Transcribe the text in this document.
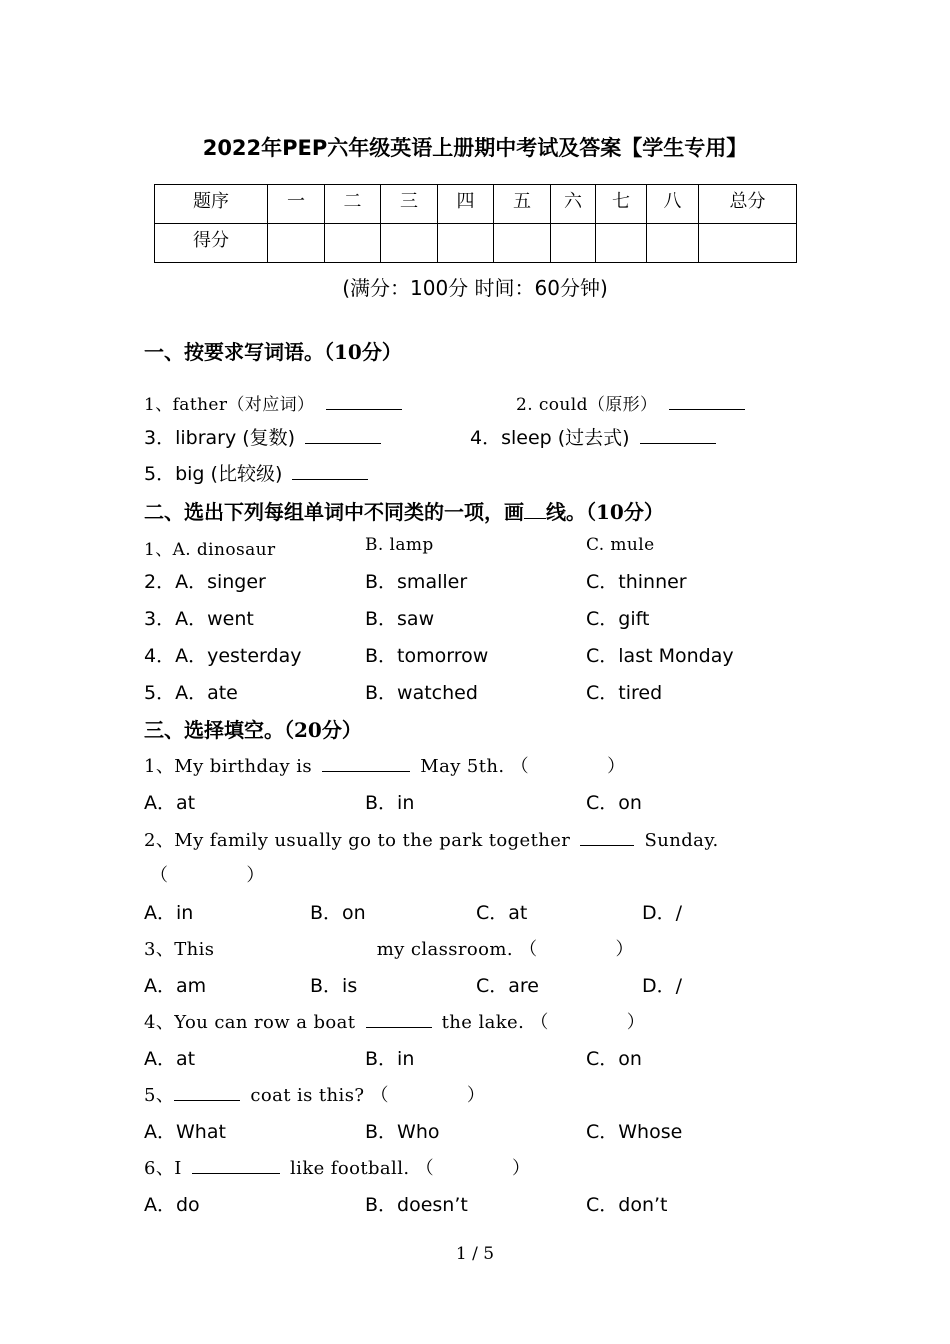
2022年PEP六年级英语上册期中考试及答案【学生专用】
题序	一	二	三	四	五	六	七	八	总分
得分									
(满分：100分 时间：60分钟)
一、按要求写词语。（10分）
1、father（对应词）	2. could（原形）
3．library (复数)	4．sleep (过去式)
5．big (比较级)
二、选出下列每组单词中不同类的一项，画 线。（10分）
1、A. dinosaur	B. lamp	C. mule
2．A．singer	B．smaller	C．thinner
3．A．went	B．saw	C．gift
4．A．yesterday	B．tomorrow	C．last Monday
5．A．ate	B．watched	C．tired
三、选择填空。（20分）
1、My birthday is	May 5th. （	）
A．at	B．in	C．on
2、My family usually go to the park together	Sunday.
（	）
A．in	B．on	C．at	D．/
3、This	my classroom. （	）
A．am	B．is	C．are	D．/
4、You can row a boat	the lake. （	）
A．at	B．in	C．on
5、	coat is this? （	）
A．What	B．Who	C．Whose
6、I	like football. （	）
A．do	B．doesn’t	C．don’t
1 / 5
